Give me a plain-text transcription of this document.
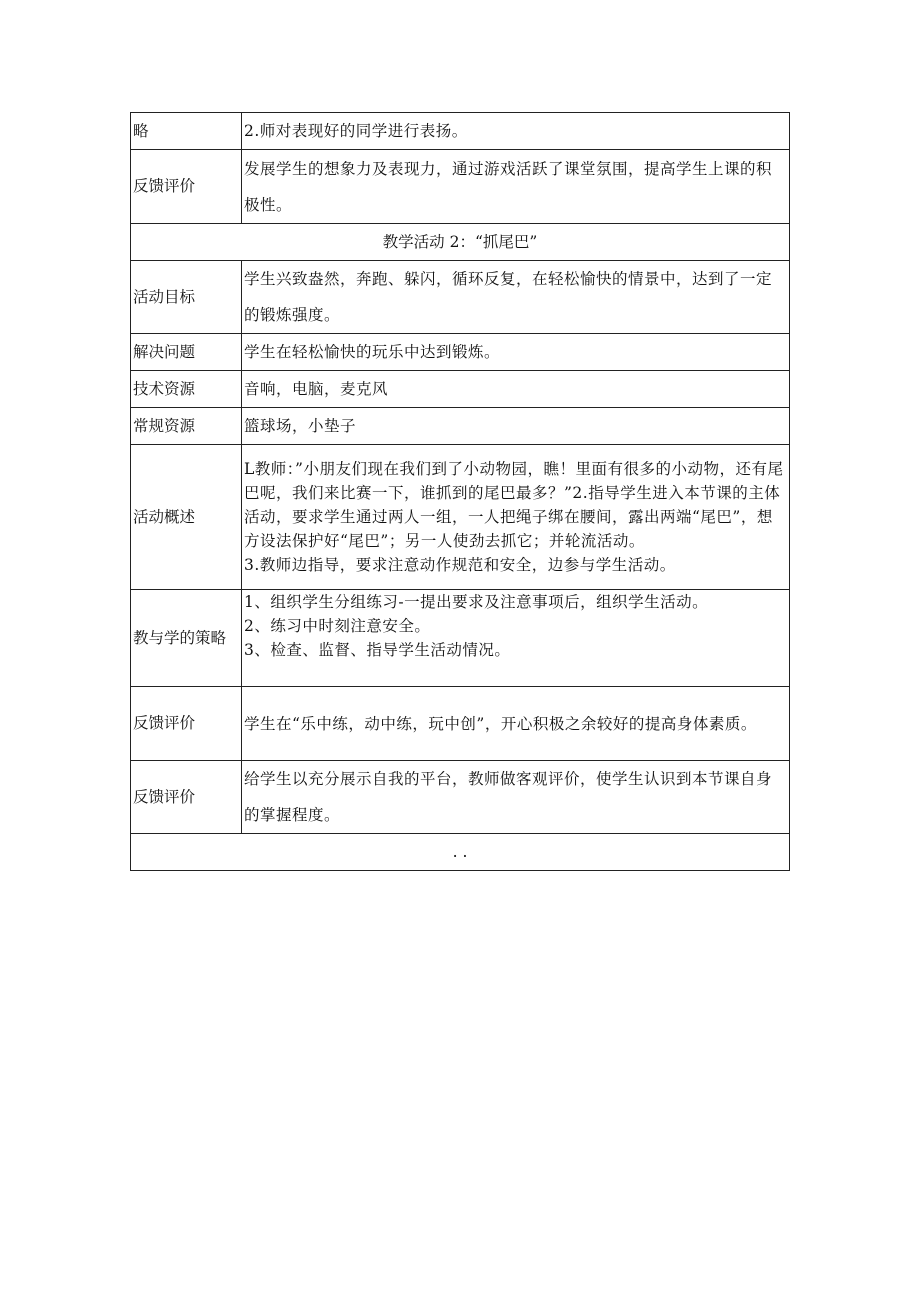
略	2.师对表现好的同学进行表扬。
反馈评价	发展学生的想象力及表现力，通过游戏活跃了课堂氛围，提高学生上课的积极性。
教学活动 2：“抓尾巴”	
活动目标	学生兴致盎然，奔跑、躲闪，循环反复，在轻松愉快的情景中，达到了一定的锻炼强度。
解决问题	学生在轻松愉快的玩乐中达到锻炼。
技术资源	音响，电脑，麦克风
常规资源	篮球场，小垫子
活动概述	L教师：”小朋友们现在我们到了小动物园，瞧！里面有很多的小动物，还有尾巴呢，我们来比赛一下，谁抓到的尾巴最多？”2.指导学生进入本节课的主体活动，要求学生通过两人一组，一人把绳子绑在腰间，露出两端“尾巴”，想方设法保护好“尾巴”；另一人使劲去抓它；并轮流活动。
3.教师边指导，要求注意动作规范和安全，边参与学生活动。

教与学的策略	1、组织学生分组练习-一提出要求及注意事项后，组织学生活动。
2、练习中时刻注意安全。
3、检查、监督、指导学生活动情况。

反馈评价	学生在“乐中练，动中练，玩中创”，开心积极之余较好的提高身体素质。
反馈评价	给学生以充分展示自我的平台，教师做客观评价，使学生认识到本节课自身的掌握程度。
. .	
